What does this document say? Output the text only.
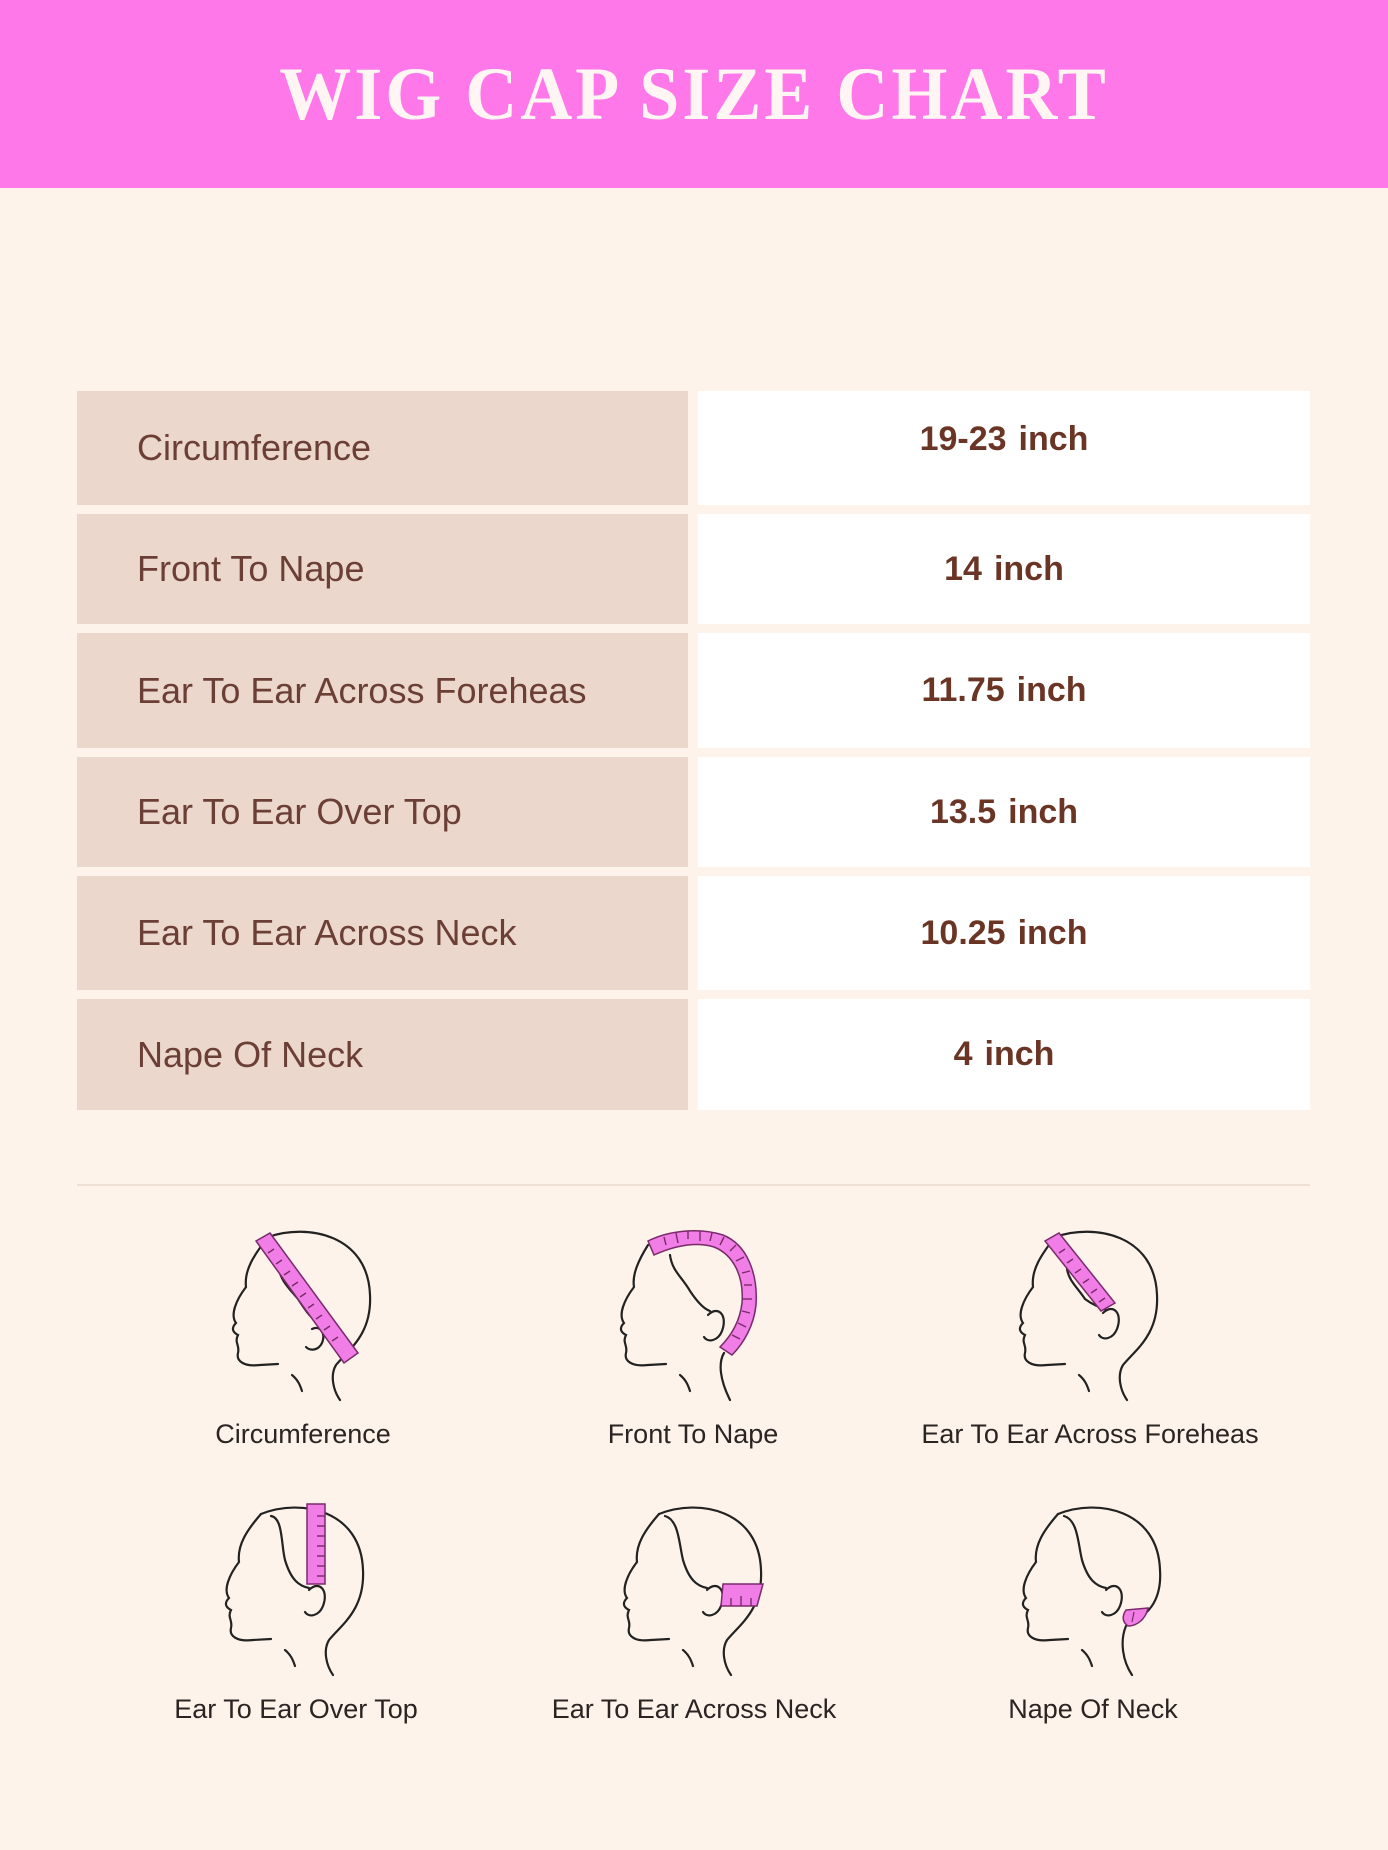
WIG CAP SIZE CHART
Circumference	19-23 inch
Front To Nape	14 inch
Ear To Ear Across Foreheas	11.75 inch
Ear To Ear Over Top	13.5 inch
Ear To Ear Across Neck	10.25 inch
Nape Of Neck	4 inch
Circumference	Front To Nape	Ear To Ear Across Foreheas
Ear To Ear Over Top	Ear To Ear Across Neck	Nape Of Neck
